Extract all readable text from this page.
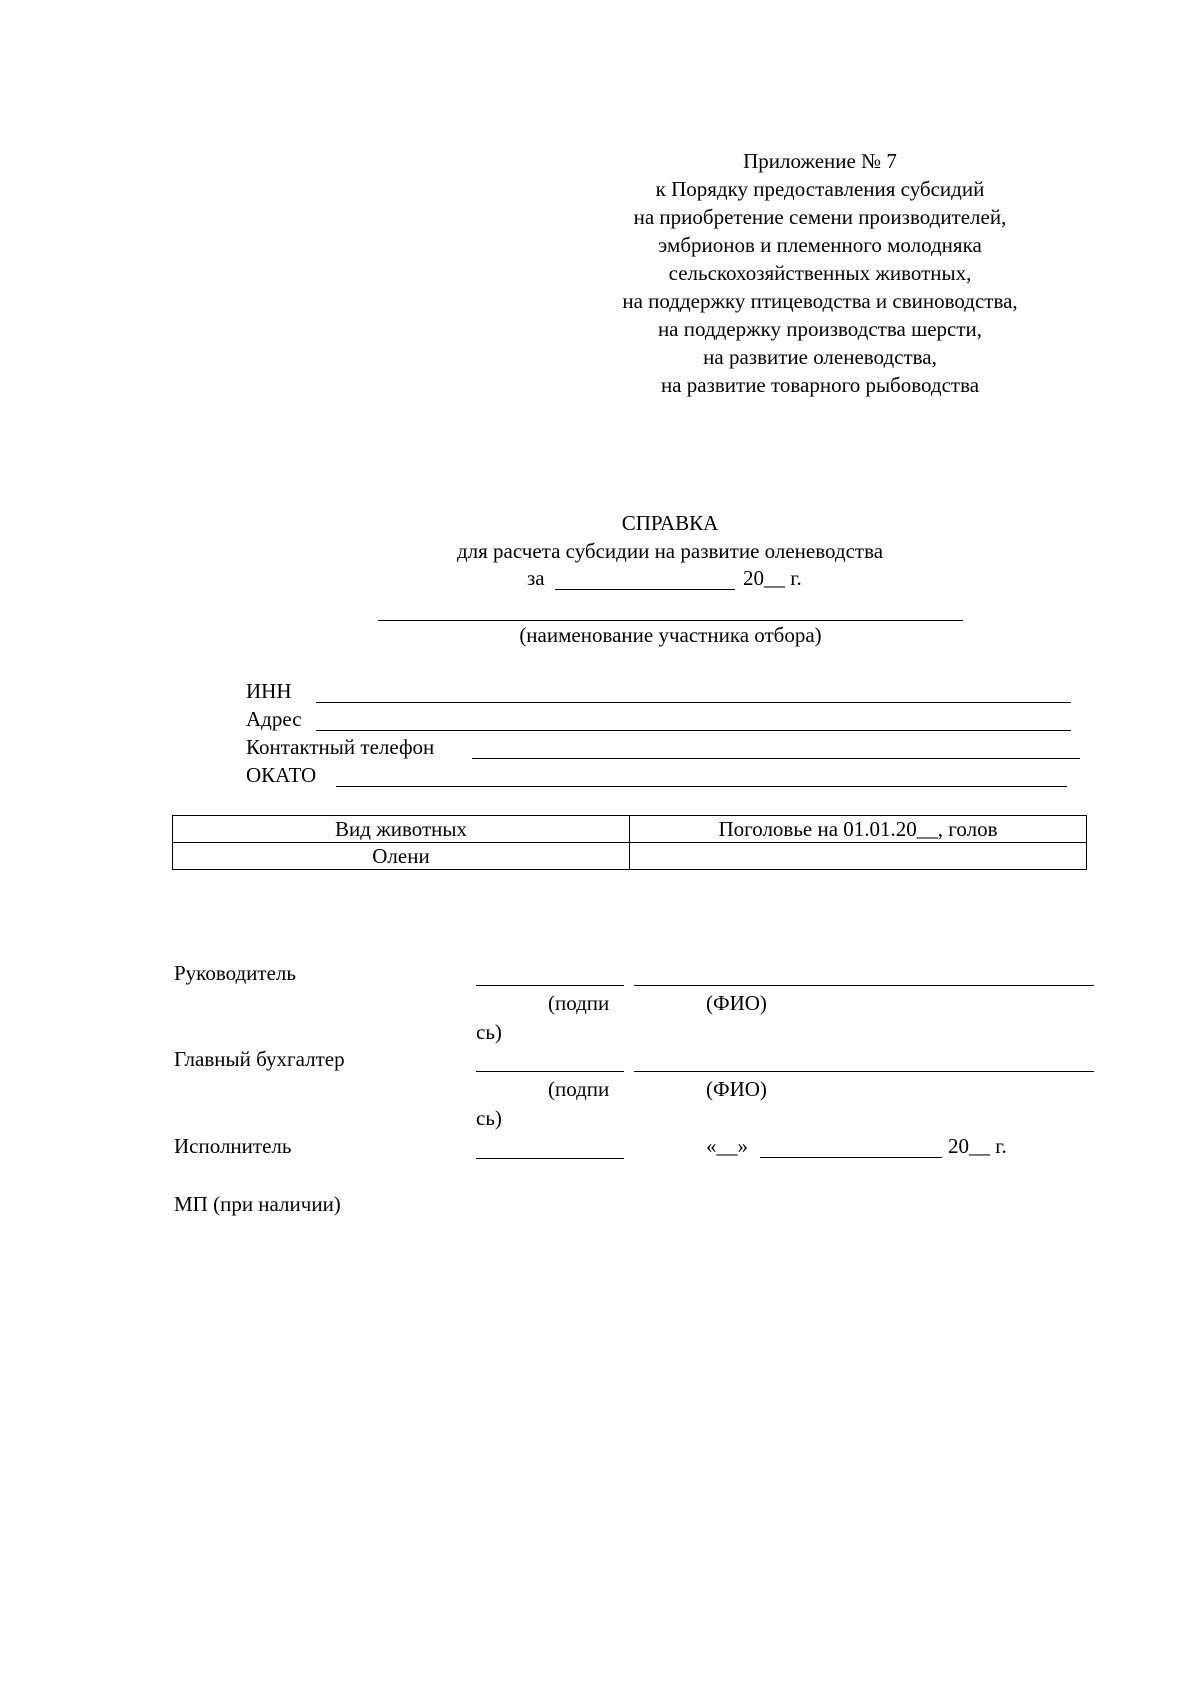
Приложение № 7
к Порядку предоставления субсидий
на приобретение семени производителей,
эмбрионов и племенного молодняка
сельскохозяйственных животных,
на поддержку птицеводства и свиноводства,
на поддержку производства шерсти,
на развитие оленеводства,
на развитие товарного рыбоводства
СПРАВКА
для расчета субсидии на развитие оленеводства
за	20__ г.
(наименование участника отбора)
ИНН
Адрес
Контактный телефон
ОКАТО
Вид животных	Поголовье на 01.01.20__, голов
Олени	
Руководитель
(подпи
сь)
(ФИО)
Главный бухгалтер
(подпи
сь)
(ФИО)
Исполнитель	«__»	20__ г.
МП (при наличии)
